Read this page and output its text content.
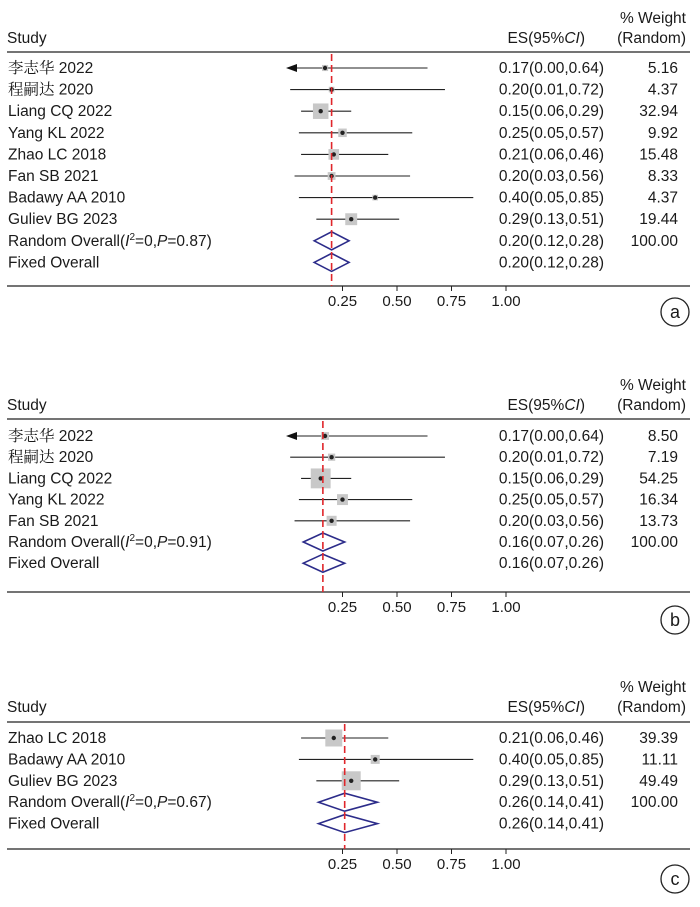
Study	ES(95%CI)
% Weight
(Random)
0.25 0.50 0.75 1.00
李志华 2022	0.17(0.00,0.64)	5.16
程嗣达 2020	0.20(0.01,0.72)	4.37
Liang CQ 2022	0.15(0.06,0.29) 32.94
Yang KL 2022	0.25(0.05,0.57)	9.92
Zhao LC 2018	0.21(0.06,0.46) 15.48
Fan SB 2021	0.20(0.03,0.56)	8.33
Badawy AA 2010	0.40(0.05,0.85)	4.37
Guliev BG 2023	0.29(0.13,0.51) 19.44
Random $Overall(I^2=0,P=0.87)$	0.20(0.12,0.28) 100.00
Fixed Overall	0.20(0.12,0.28)
a
Study	ES(95%CI)
% Weight
(Random)
0.25 0.50 0.75 1.00
李志华 2022	0.17(0.00,0.64)	8.50
程嗣达 2020	0.20(0.01,0.72)	7.19
Liang CQ 2022	0.15(0.06,0.29) 54.25
Yang KL 2022	0.25(0.05,0.57) 16.34
Fan SB 2021	0.20(0.03,0.56) 13.73
Random $Overall(I^2=0,P=0.91)$	0.16(0.07,0.26) 100.00
Fixed Overall	0.16(0.07,0.26)
b
Study	ES(95%CI)
% Weight
(Random)
0.25 0.50 0.75 1.00
Zhao LC 2018	0.21(0.06,0.46) 39.39
Badawy AA 2010	0.40(0.05,0.85) 11.11
Guliev BG 2023	0.29(0.13,0.51) 49.49
Random $Overall(I^2=0,P=0.67)$	0.26(0.14,0.41) 100.00
Fixed Overall	0.26(0.14,0.41)
c
